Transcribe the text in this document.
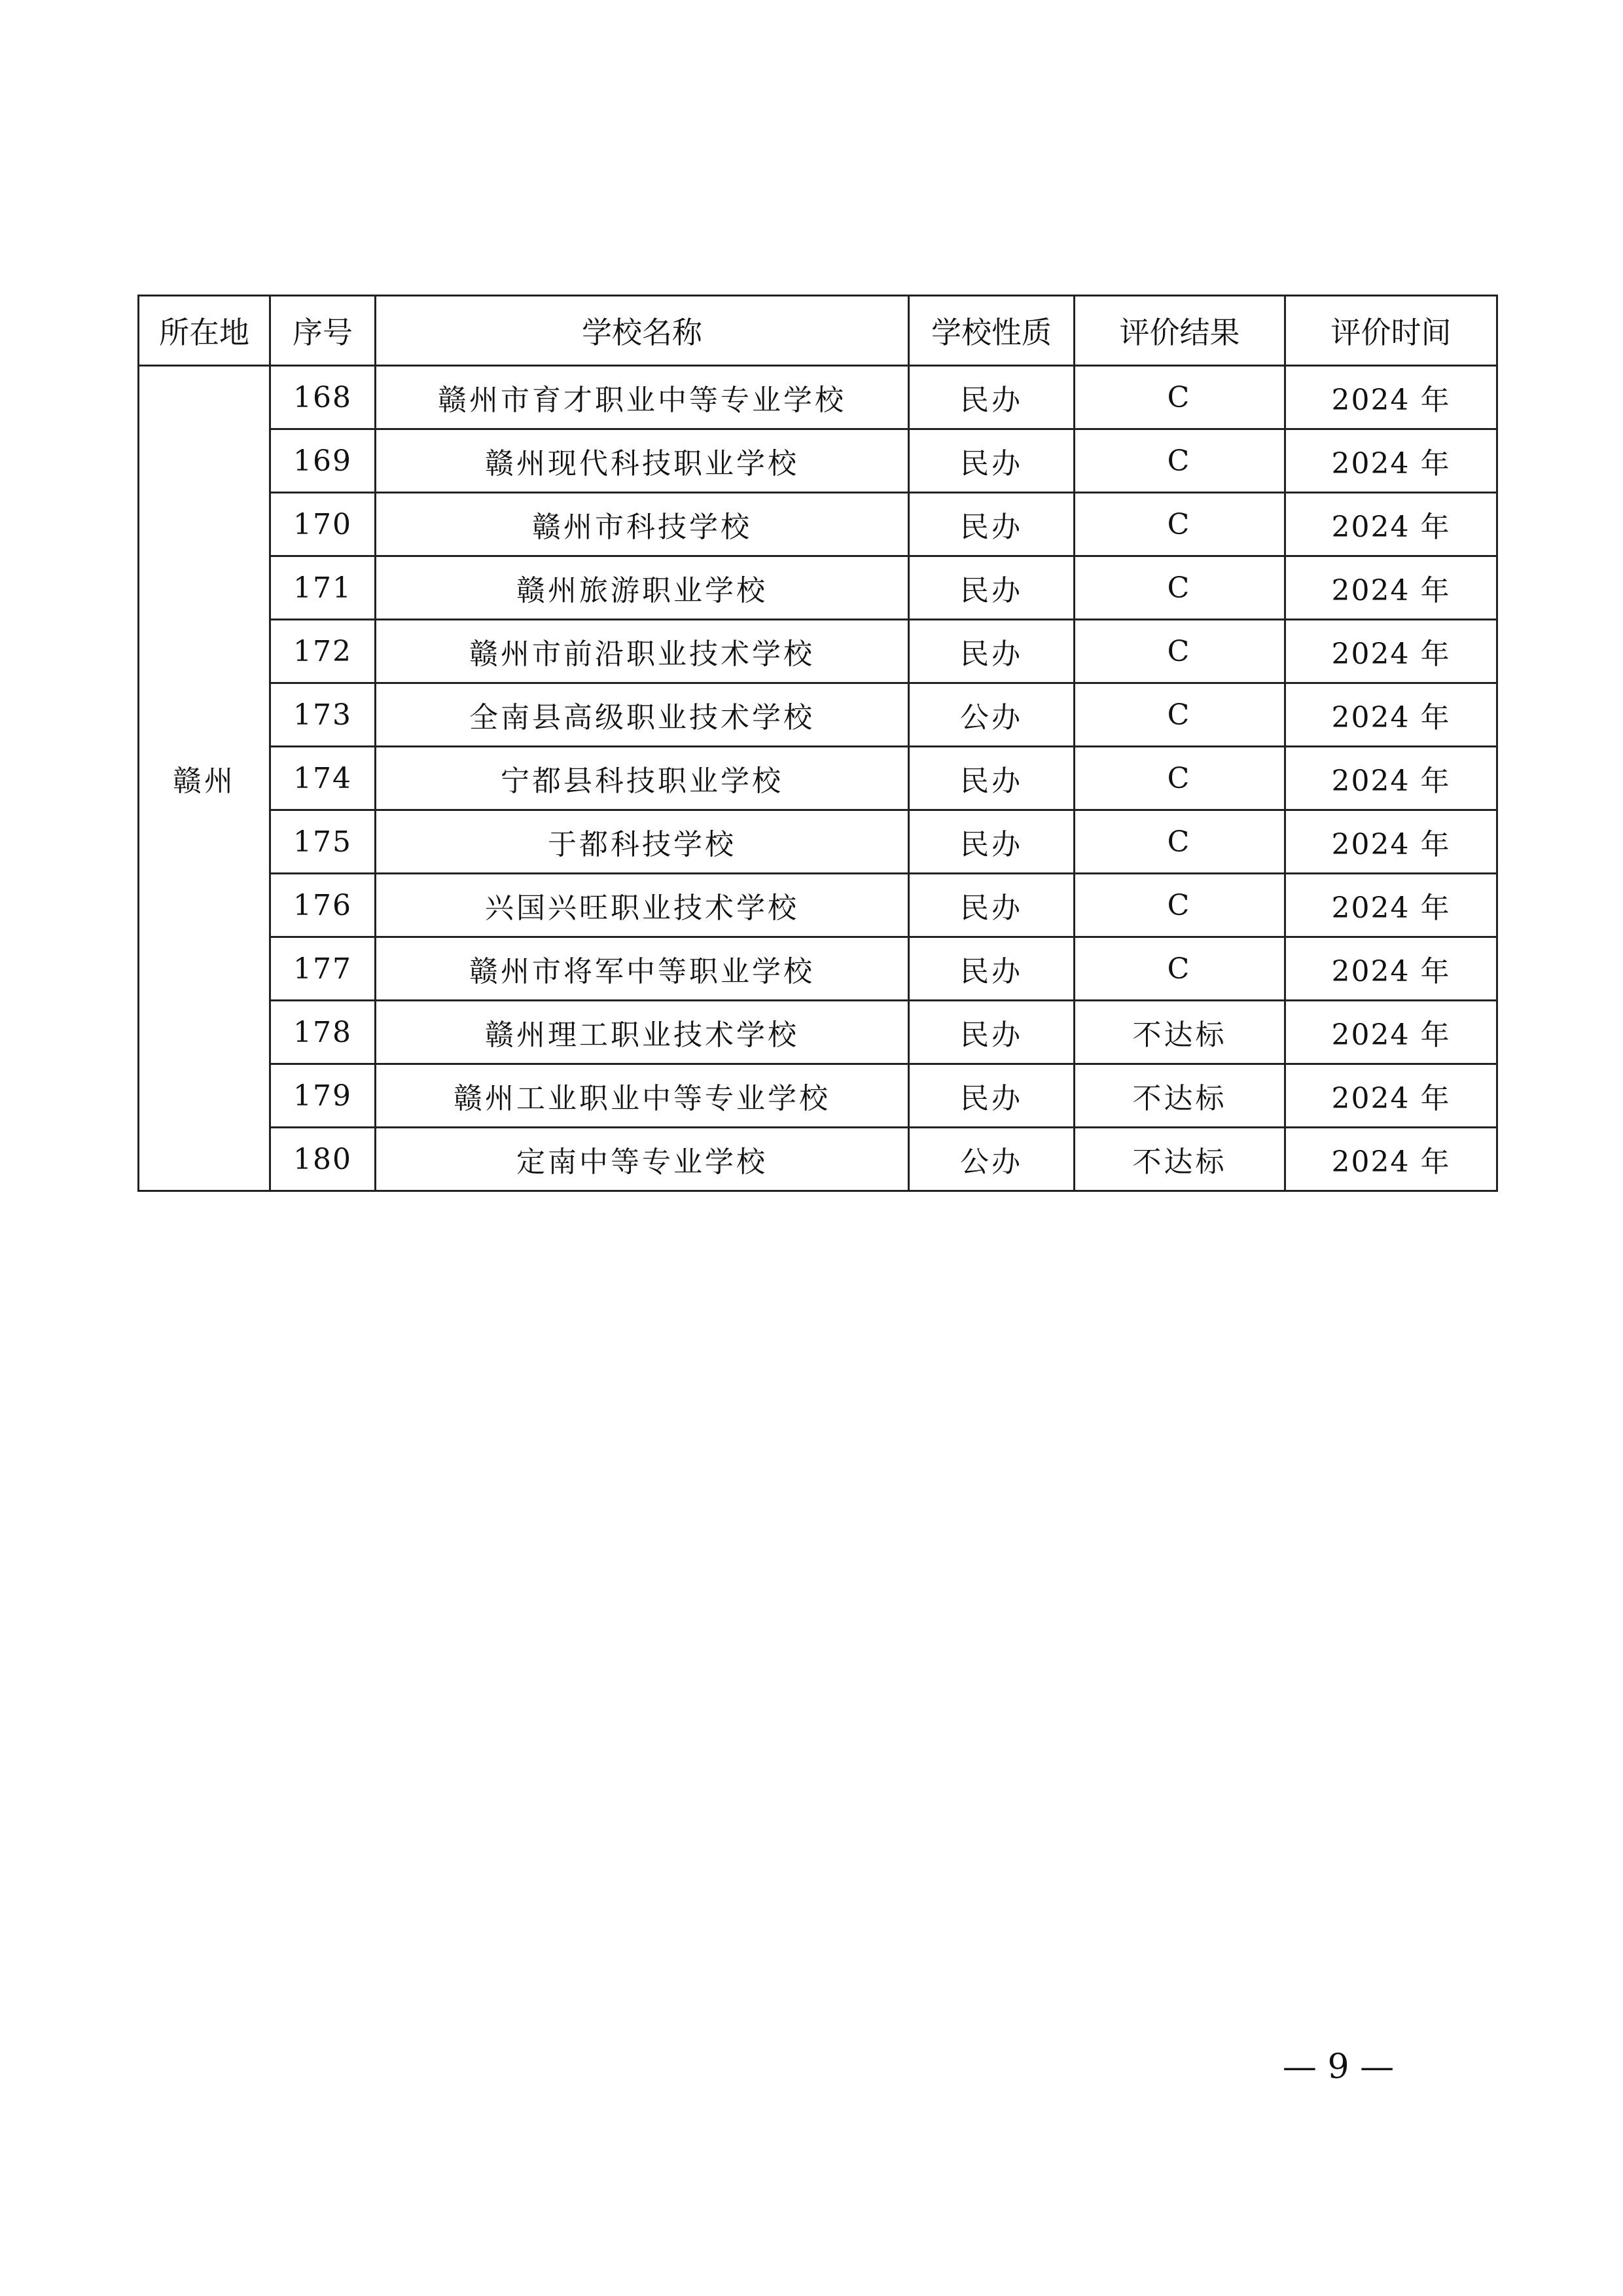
所在地	序号	学校名称	学校性质	评价结果	评价时间
赣州	168	赣州市育才职业中等专业学校	民办	C	2024 年
	169	赣州现代科技职业学校	民办	C	2024 年
	170	赣州市科技学校	民办	C	2024 年
	171	赣州旅游职业学校	民办	C	2024 年
	172	赣州市前沿职业技术学校	民办	C	2024 年
	173	全南县高级职业技术学校	公办	C	2024 年
	174	宁都县科技职业学校	民办	C	2024 年
	175	于都科技学校	民办	C	2024 年
	176	兴国兴旺职业技术学校	民办	C	2024 年
	177	赣州市将军中等职业学校	民办	C	2024 年
	178	赣州理工职业技术学校	民办	不达标	2024 年
	179	赣州工业职业中等专业学校	民办	不达标	2024 年
	180	定南中等专业学校	公办	不达标	2024 年
— 9 —
